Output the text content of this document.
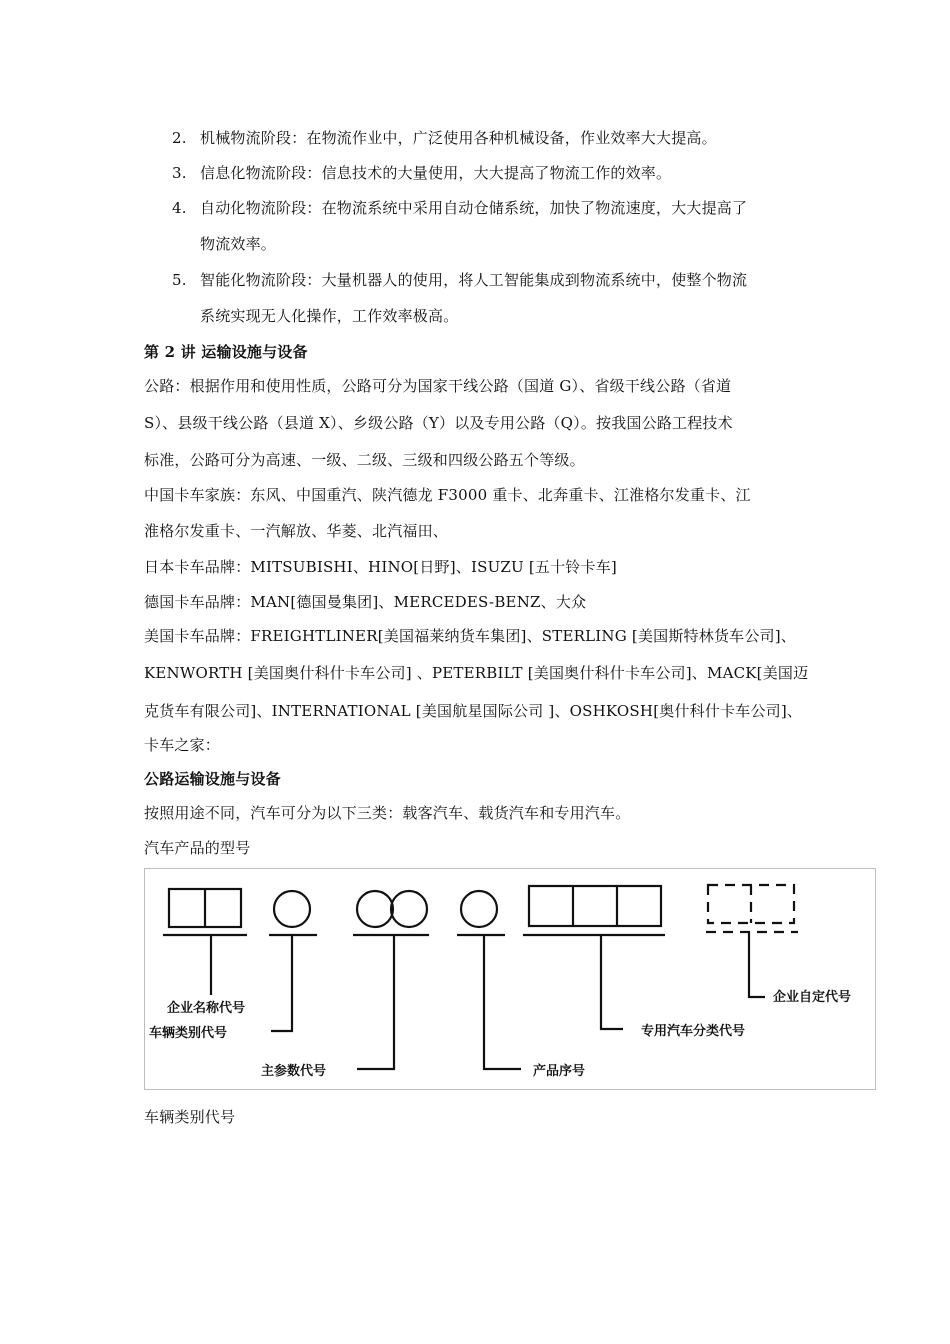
2. 机械物流阶段：在物流作业中，广泛使用各种机械设备，作业效率大大提高。
3. 信息化物流阶段：信息技术的大量使用，大大提高了物流工作的效率。
4. 自动化物流阶段：在物流系统中采用自动仓储系统，加快了物流速度，大大提高了
物流效率。
5. 智能化物流阶段：大量机器人的使用，将人工智能集成到物流系统中，使整个物流
系统实现无人化操作，工作效率极高。
第 2 讲 运输设施与设备
公路：根据作用和使用性质，公路可分为国家干线公路（国道 G）、省级干线公路（省道
S）、县级干线公路（县道 X）、乡级公路（Y）以及专用公路（Q）。按我国公路工程技术
标准，公路可分为高速、一级、二级、三级和四级公路五个等级。
中国卡车家族：东风、中国重汽、陕汽德龙 F3000 重卡、北奔重卡、江淮格尔发重卡、江
淮格尔发重卡、一汽解放、华菱、北汽福田、
日本卡车品牌：MITSUBISHI、HINO[日野]、ISUZU [五十铃卡车]
德国卡车品牌：MAN[德国曼集团]、MERCEDES-BENZ、大众
美国卡车品牌：FREIGHTLINER[美国福莱纳货车集团]、STERLING [美国斯特林货车公司]、
KENWORTH [美国奥什科什卡车公司] 、PETERBILT [美国奥什科什卡车公司]、MACK[美国迈
克货车有限公司]、INTERNATIONAL [美国航星国际公司 ]、OSHKOSH[奥什科什卡车公司]、
卡车之家：
公路运输设施与设备
按照用途不同，汽车可分为以下三类：载客汽车、载货汽车和专用汽车。
汽车产品的型号
企业名称代号
车辆类别代号
主参数代号	产品序号
专用汽车分类代号
企业自定代号
车辆类别代号
